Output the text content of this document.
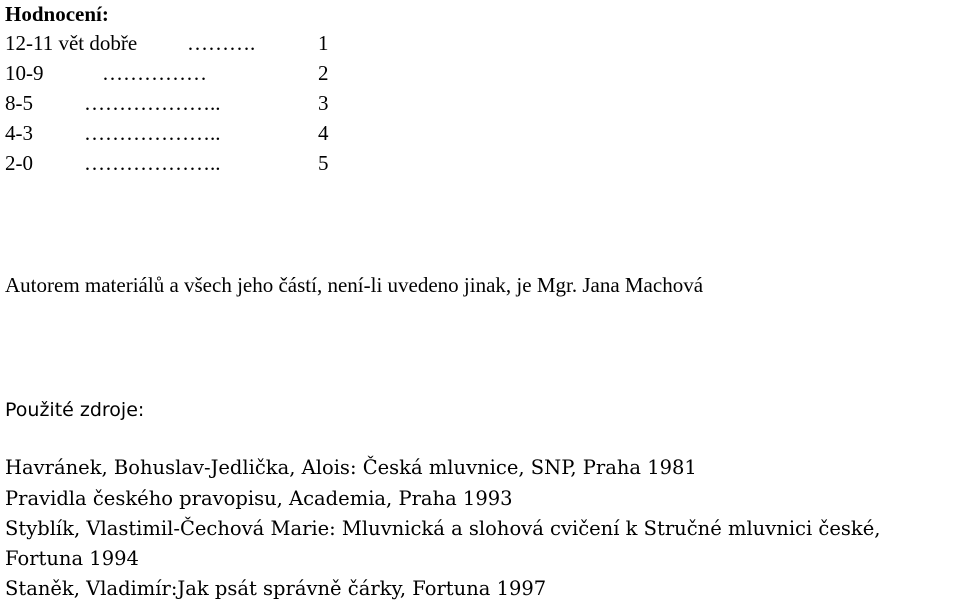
Hodnocení:
12-11 vět dobře ……….	1
10-9	……………	2
8-5 ………………..	3
4-3 ………………..	4
2-0 ………………..	5
Autorem materiálů a všech jeho částí, není-li uvedeno jinak, je Mgr. Jana Machová
Použité zdroje:
Havránek, Bohuslav-Jedlička, Alois: Česká mluvnice, SNP, Praha 1981
Pravidla českého pravopisu, Academia, Praha 1993
Styblík, Vlastimil-Čechová Marie: Mluvnická a slohová cvičení k Stručné mluvnici české,
Fortuna 1994
Staněk, Vladimír:Jak psát správně čárky, Fortuna 1997
